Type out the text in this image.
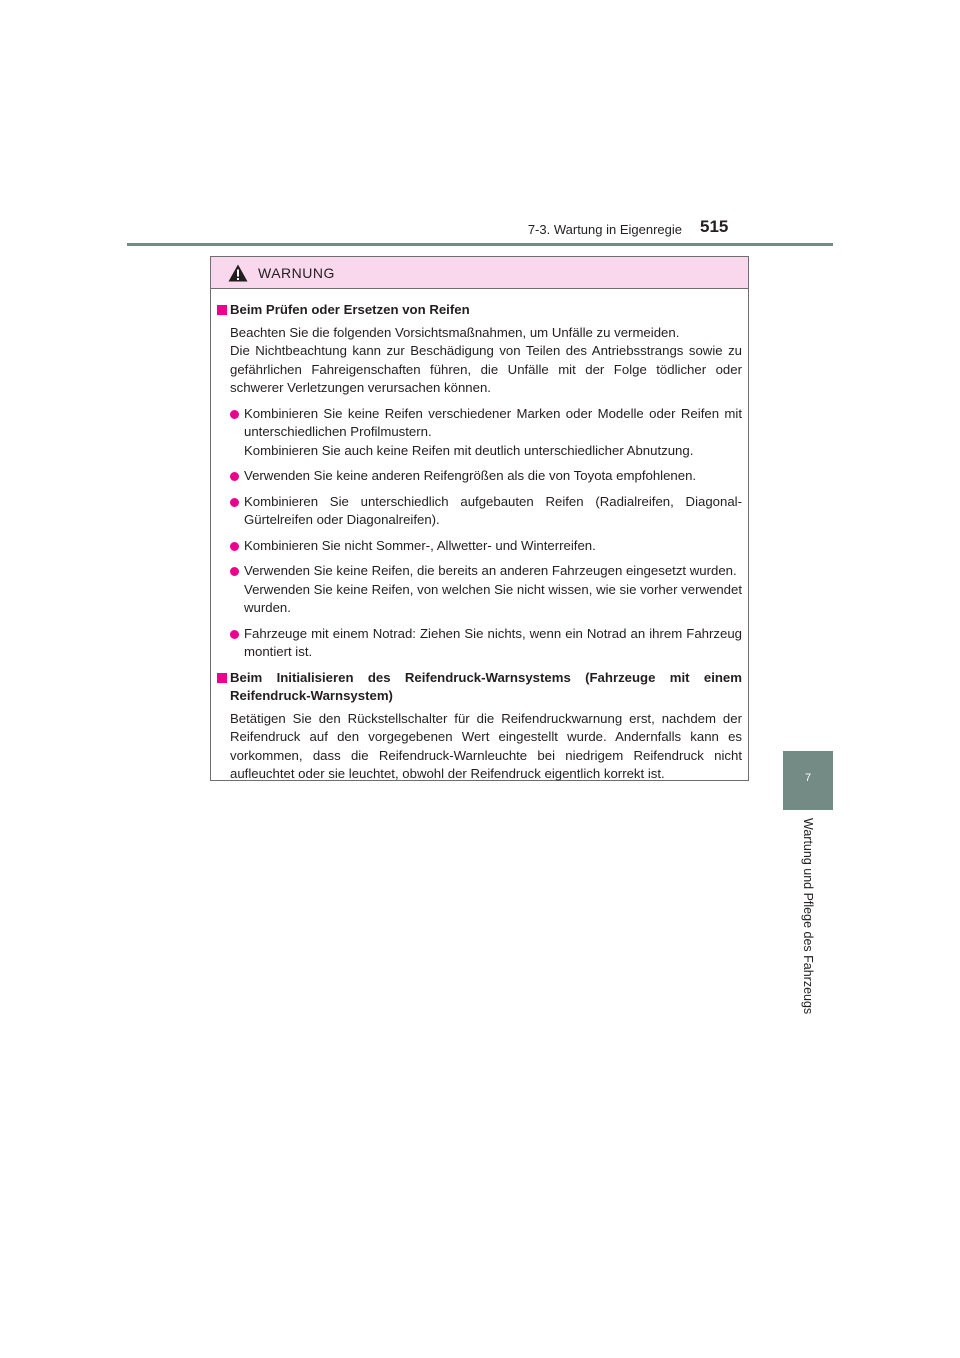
7-3. Wartung in Eigenregie 515
7
Wartung und Pflege des Fahrzeugs
WARNUNG
Beim Prüfen oder Ersetzen von Reifen
Beachten Sie die folgenden Vorsichtsmaßnahmen, um Unfälle zu vermeiden.
Die Nichtbeachtung kann zur Beschädigung von Teilen des Antriebsstrangs sowie zu gefährlichen Fahreigenschaften führen, die Unfälle mit der Folge tödlicher oder schwerer Verletzungen verursachen können.
Kombinieren Sie keine Reifen verschiedener Marken oder Modelle oder Reifen mit unterschiedlichen Profilmustern.
Kombinieren Sie auch keine Reifen mit deutlich unterschiedlicher Abnutzung.
Verwenden Sie keine anderen Reifengrößen als die von Toyota empfohlenen.
Kombinieren Sie unterschiedlich aufgebauten Reifen (Radialreifen, Diagonal-Gürtelreifen oder Diagonalreifen).
Kombinieren Sie nicht Sommer-, Allwetter- und Winterreifen.
Verwenden Sie keine Reifen, die bereits an anderen Fahrzeugen eingesetzt wurden.
Verwenden Sie keine Reifen, von welchen Sie nicht wissen, wie sie vorher verwendet wurden.
Fahrzeuge mit einem Notrad: Ziehen Sie nichts, wenn ein Notrad an ihrem Fahrzeug montiert ist.
Beim Initialisieren des Reifendruck-Warnsystems (Fahrzeuge mit einem Reifendruck-Warnsystem)
Betätigen Sie den Rückstellschalter für die Reifendruckwarnung erst, nachdem der Reifendruck auf den vorgegebenen Wert eingestellt wurde. Andernfalls kann es vorkommen, dass die Reifendruck-Warnleuchte bei niedrigem Reifendruck nicht aufleuchtet oder sie leuchtet, obwohl der Reifendruck eigentlich korrekt ist.
